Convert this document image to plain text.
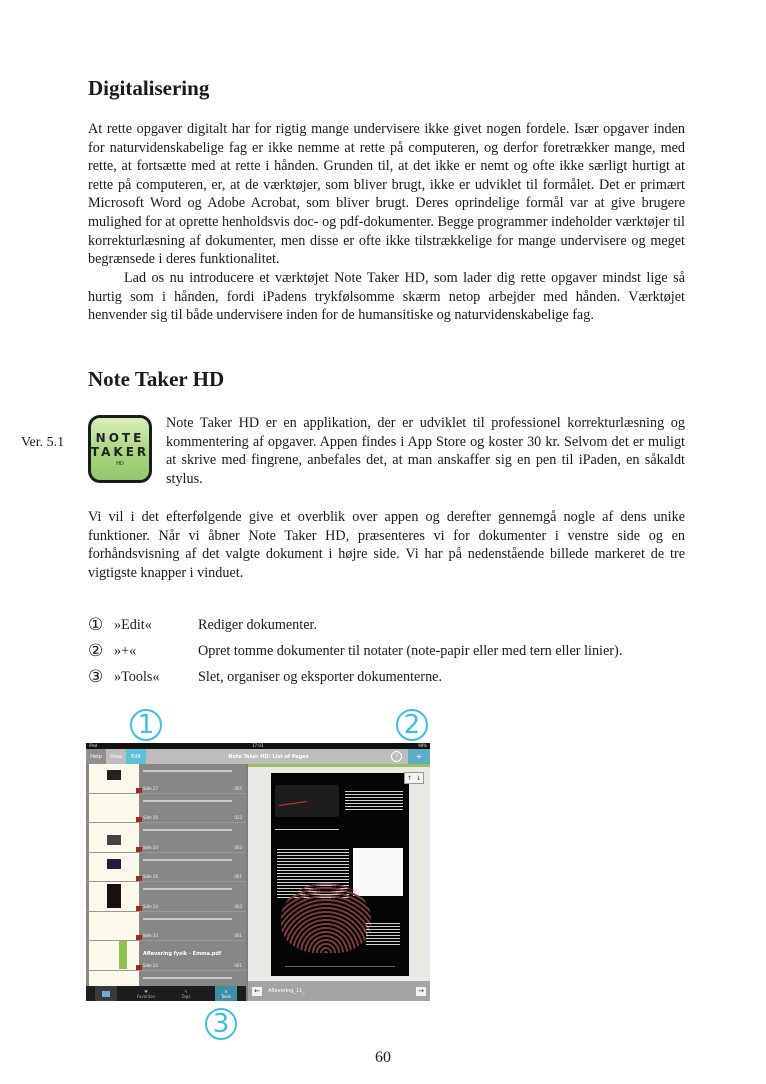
Digitalisering

At rette opgaver digitalt har for rigtig mange undervisere ikke givet nogen fordele. Især opgaver inden for naturvidenskabelige fag er ikke nemme at rette på computeren, og derfor foretrækker mange, med rette, at fortsætte med at rette i hånden. Grunden til, at det ikke er nemt og ofte ikke særligt hurtigt at rette på computeren, er, at de værktøjer, som bliver brugt, ikke er udviklet til formålet. Det er primært Microsoft Word og Adobe Acrobat, som bliver brugt. Deres oprindelige formål var at give brugere mulighed for at oprette henholdsvis doc- og pdf-dokumenter. Begge programmer indeholder værktøjer til korrekturlæsning af dokumenter, men disse er ofte ikke tilstrækkelige for mange undervisere og meget begrænsede i deres funktionalitet.

Lad os nu introducere et værktøjet Note Taker HD, som lader dig rette opgaver mindst lige så hurtig som i hånden, fordi iPadens trykfølsomme skærm netop arbejder med hånden. Værktøjet henvender sig til både undervisere inden for de humansitiske og naturvidenskabelige fag.

Note Taker HD
Ver. 5.1	NOTE
TAKER
HD

Note Taker HD er en applikation, der er udviklet til professionel korrekturlæsning og kommentering af opgaver. Appen findes i App Store og koster 30 kr. Selvom det er muligt at skrive med fingrene, anbefales det, at man anskaffer sig en pen til iPaden, en såkaldt stylus.

Vi vil i det efterfølgende give et overblik over appen og derefter gennemgå nogle af dens unike funktioner. Når vi åbner Note Taker HD, præsenteres vi for dokumenter i venstre side og en forhåndsvisning af det valgte dokument i højre side. Vi har på nedenstående billede markeret de tre vigtigste knapper i vinduet.

① »Edit«	Rediger dokumenter.
② »+«	Opret tomme dokumenter til notater (note-papir eller med tern eller linier).
③ »Tools«	Slet, organiser og eksporter dokumenterne.
iPad	17:03	98%
Help	View	Edit	Note Taker HD: List of Pages	?	+
Side 27	005
Side 26	023
Side 24	002
Side 26	001
Side 24	003
Side 33	001
Aflevering fysik - Emma.pdf
Side 22	001
♥
Favorites
✎
Tags
✕
Tools
↑ ↓
←	Aflevering_11_	→
1	2
3
60
